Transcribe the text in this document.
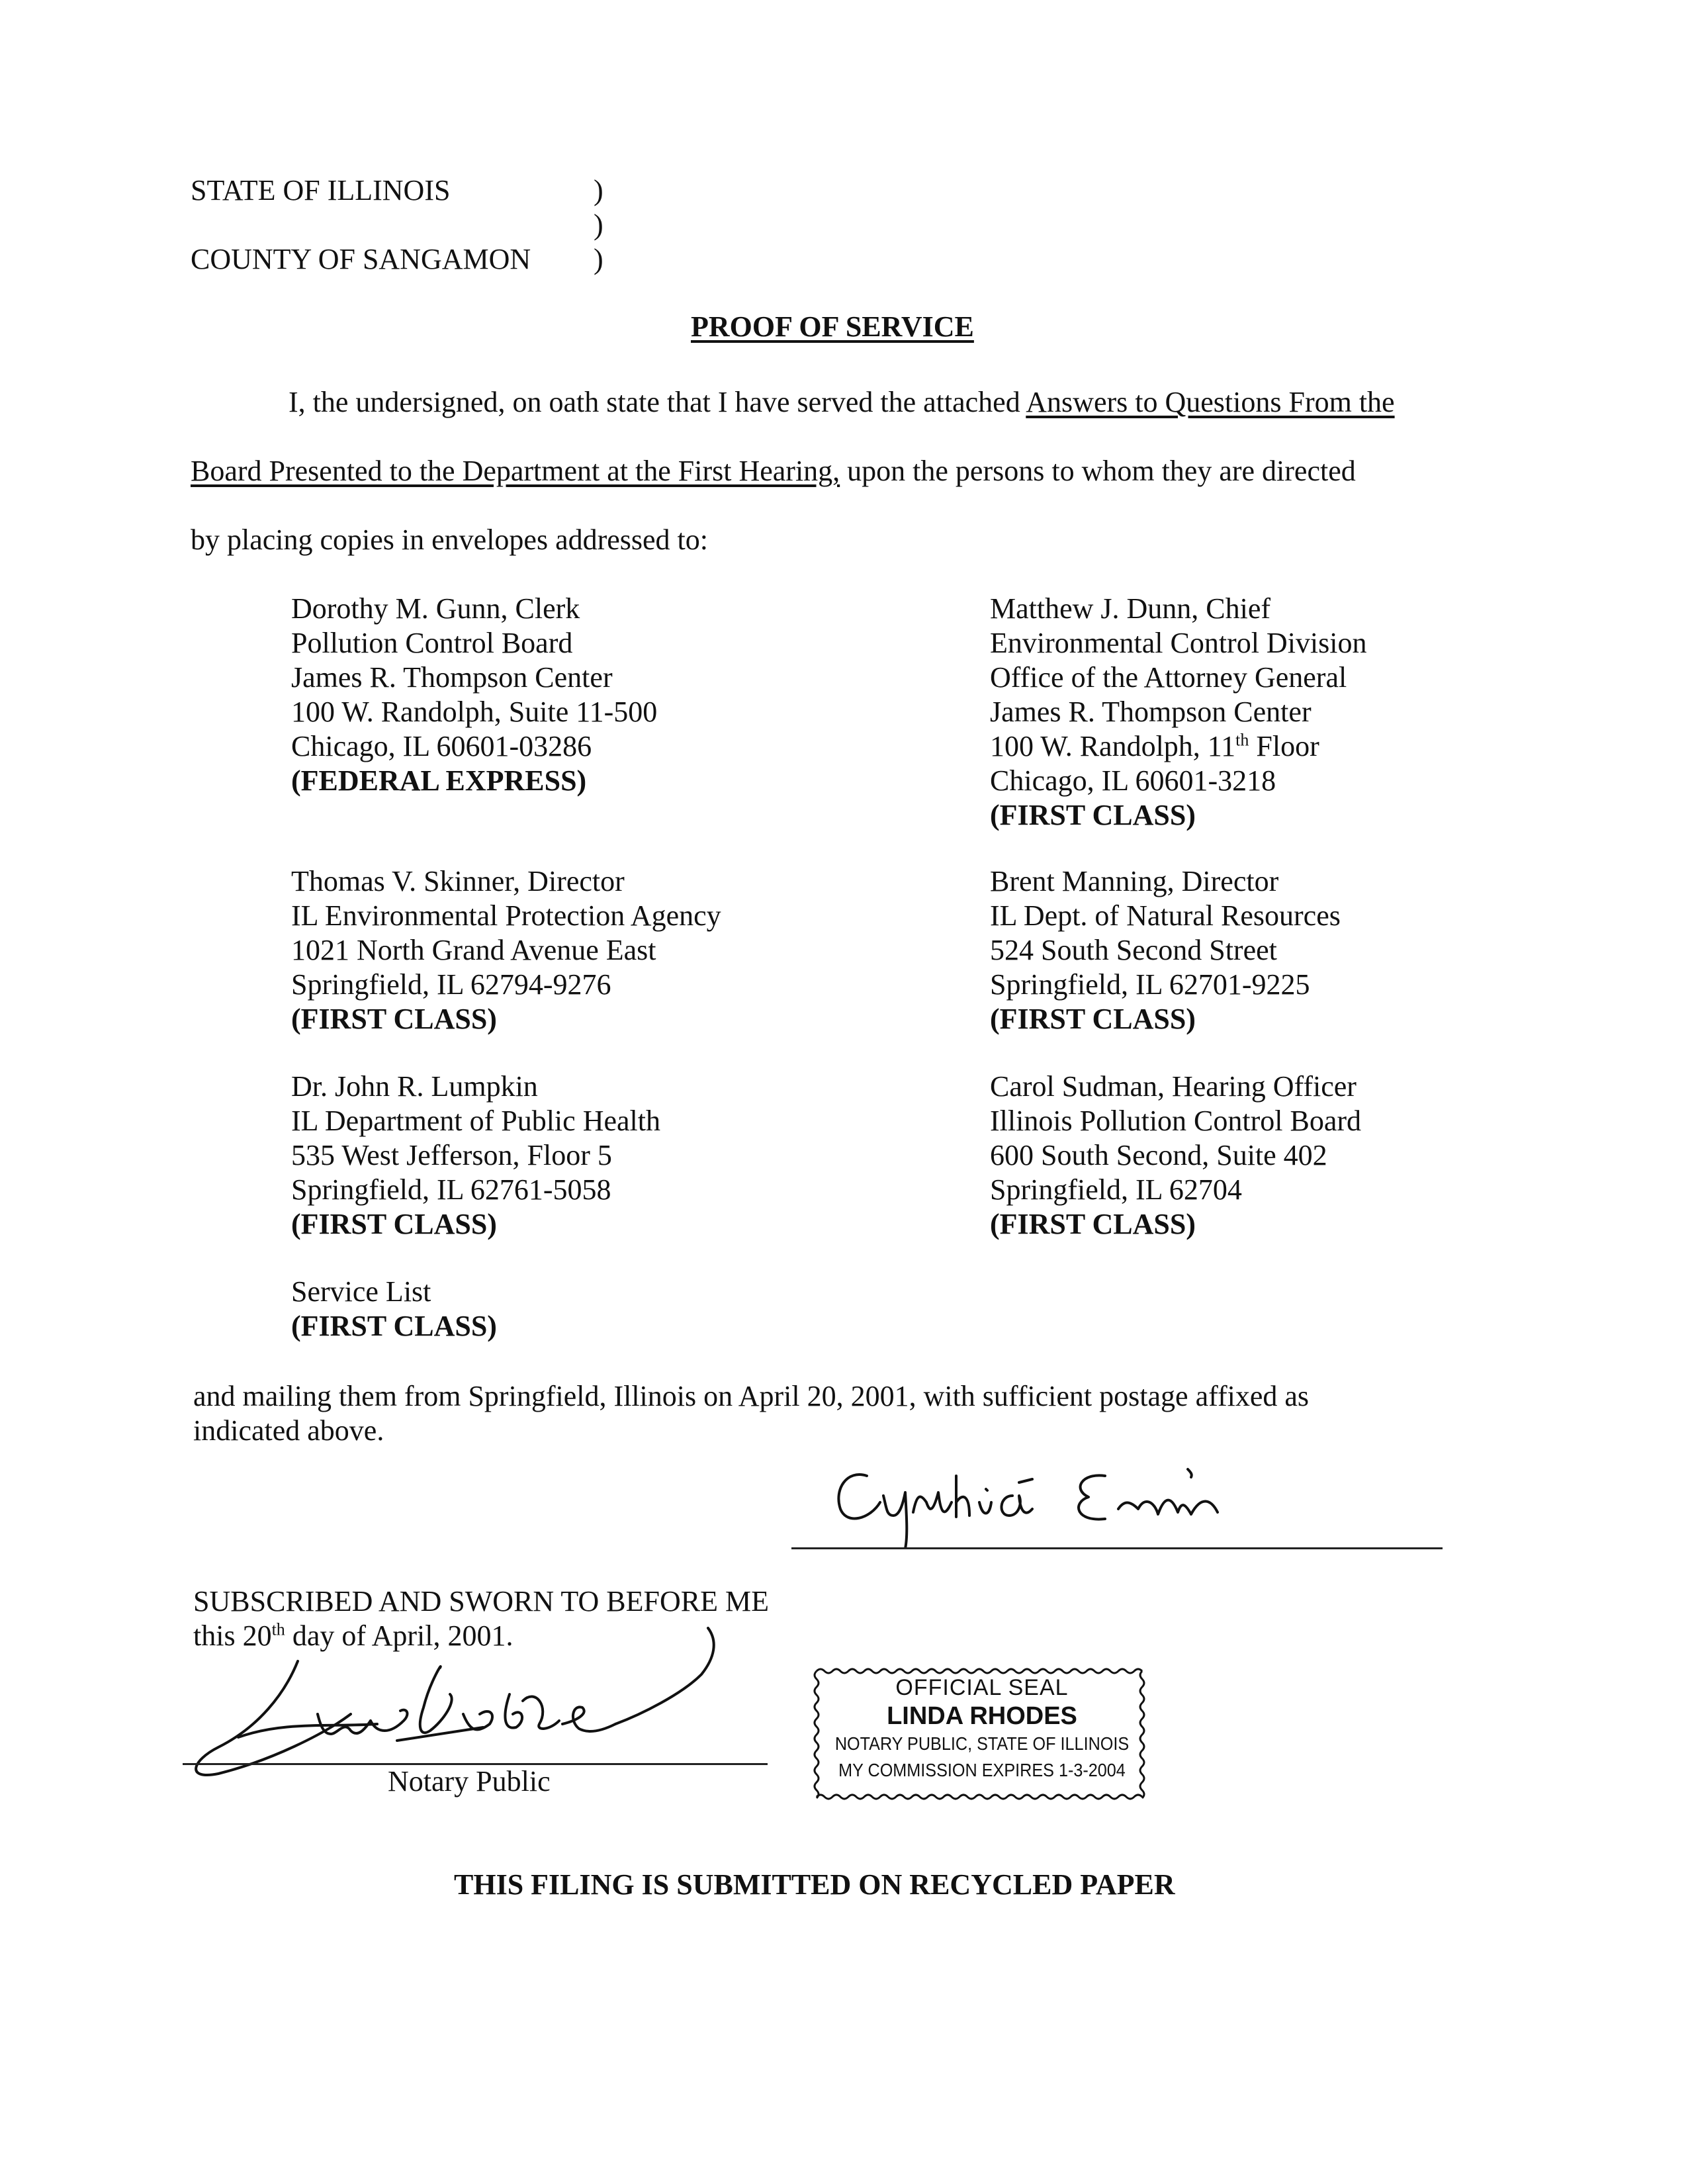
STATE OF ILLINOIS	)
)
COUNTY OF SANGAMON )
PROOF OF SERVICE
I, the undersigned, on oath state that I have served the attached Answers to Questions From the
Board Presented to the Department at the First Hearing, upon the persons to whom they are directed
by placing copies in envelopes addressed to:
Dorothy M. Gunn, Clerk
Pollution Control Board
James R. Thompson Center
100 W. Randolph, Suite 11-500
Chicago, IL 60601-03286
(FEDERAL EXPRESS)
Thomas V. Skinner, Director
IL Environmental Protection Agency
1021 North Grand Avenue East
Springfield, IL 62794-9276
(FIRST CLASS)
Dr. John R. Lumpkin
IL Department of Public Health
535 West Jefferson, Floor 5
Springfield, IL 62761-5058
(FIRST CLASS)
Service List
(FIRST CLASS)
Matthew J. Dunn, Chief
Environmental Control Division
Office of the Attorney General
James R. Thompson Center
100 W. Randolph, 11th Floor
Chicago, IL 60601-3218
(FIRST CLASS)
Brent Manning, Director
IL Dept. of Natural Resources
524 South Second Street
Springfield, IL 62701-9225
(FIRST CLASS)
Carol Sudman, Hearing Officer
Illinois Pollution Control Board
600 South Second, Suite 402
Springfield, IL 62704
(FIRST CLASS)
and mailing them from Springfield, Illinois on April 20, 2001, with sufficient postage affixed as
indicated above.
SUBSCRIBED AND SWORN TO BEFORE ME
this 20th day of April, 2001.
Notary Public
OFFICIAL SEAL
LINDA RHODES
NOTARY PUBLIC, STATE OF ILLINOIS
MY COMMISSION EXPIRES 1-3-2004
THIS FILING IS SUBMITTED ON RECYCLED PAPER
